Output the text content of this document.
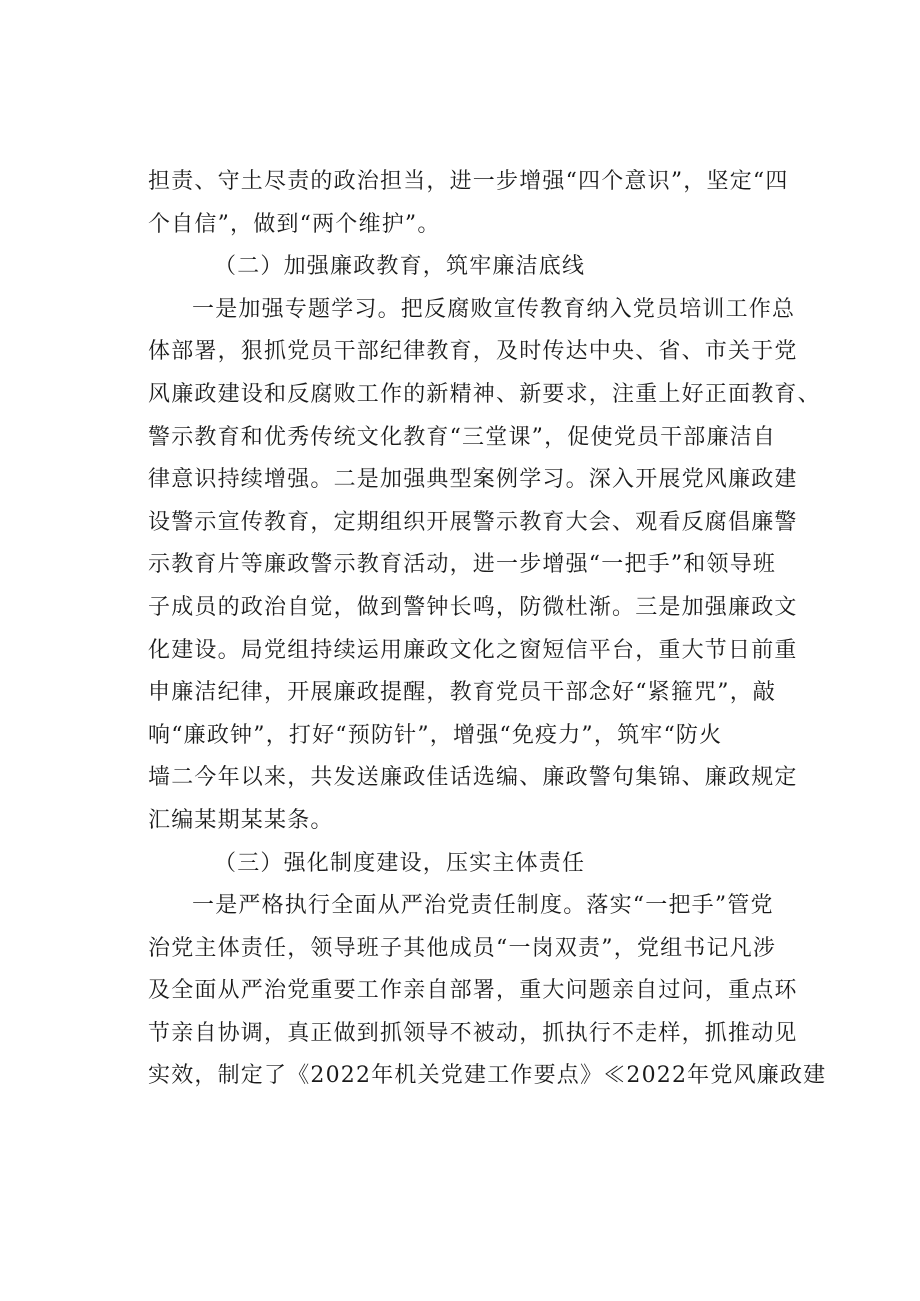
担责、守土尽责的政治担当，进一步增强“四个意识”，坚定“四
个自信”，做到“两个维护”。
（二）加强廉政教育，筑牢廉洁底线
一是加强专题学习。把反腐败宣传教育纳入党员培训工作总
体部署，狠抓党员干部纪律教育，及时传达中央、省、市关于党
风廉政建设和反腐败工作的新精神、新要求，注重上好正面教育、
警示教育和优秀传统文化教育“三堂课”，促使党员干部廉洁自
律意识持续增强。二是加强典型案例学习。深入开展党风廉政建
设警示宣传教育，定期组织开展警示教育大会、观看反腐倡廉警
示教育片等廉政警示教育活动，进一步增强“一把手”和领导班
子成员的政治自觉，做到警钟长鸣，防微杜渐。三是加强廉政文
化建设。局党组持续运用廉政文化之窗短信平台，重大节日前重
申廉洁纪律，开展廉政提醒，教育党员干部念好“紧箍咒”，敲
响“廉政钟”，打好“预防针”，增强“免疫力”，筑牢“防火
墙二今年以来，共发送廉政佳话选编、廉政警句集锦、廉政规定
汇编某期某某条。
（三）强化制度建设，压实主体责任
一是严格执行全面从严治党责任制度。落实“一把手”管党
治党主体责任，领导班子其他成员“一岗双责”，党组书记凡涉
及全面从严治党重要工作亲自部署，重大问题亲自过问，重点环
节亲自协调，真正做到抓领导不被动，抓执行不走样，抓推动见
实效，制定了《2022年机关党建工作要点》≪2022年党风廉政建
